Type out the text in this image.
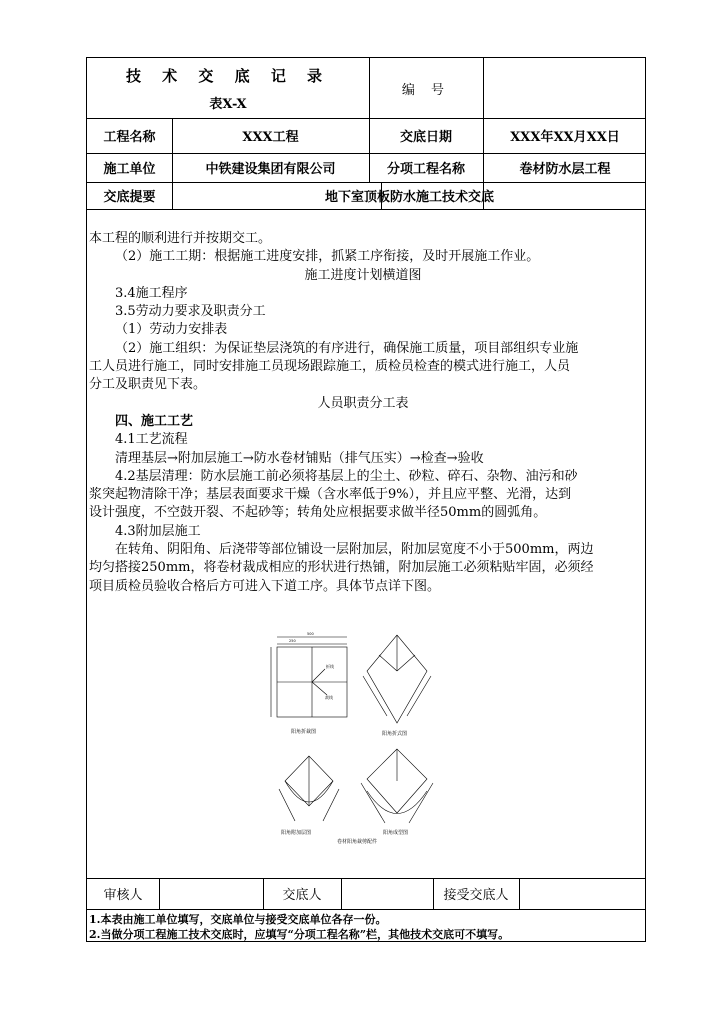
技 术 交 底 记 录
表X-X
编 号
工程名称	XXX工程	交底日期	XXX年XX月XX日
施工单位	中铁建设集团有限公司	分项工程名称	卷材防水层工程
交底提要	地下室顶板防水施工技术交底

本工程的顺利进行并按期交工。

（2）施工工期：根据施工进度安排，抓紧工序衔接，及时开展施工作业。

施工进度计划横道图

3.4施工程序

3.5劳动力要求及职责分工

（1）劳动力安排表

（2）施工组织：为保证垫层浇筑的有序进行，确保施工质量，项目部组织专业施

工人员进行施工，同时安排施工员现场跟踪施工，质检员检查的模式进行施工，人员

分工及职责见下表。

人员职责分工表

四、施工工艺

4.1工艺流程

清理基层→附加层施工→防水卷材铺贴（排气压实）→检查→验收

4.2基层清理：防水层施工前必须将基层上的尘土、砂粒、碎石、杂物、油污和砂

浆突起物清除干净；基层表面要求干燥（含水率低于9%），并且应平整、光滑，达到

设计强度，不空鼓开裂、不起砂等；转角处应根据要求做半径50mm的圆弧角。

4.3附加层施工

在转角、阴阳角、后浇带等部位铺设一层附加层，附加层宽度不小于500mm，两边

均匀搭接250mm，将卷材裁成相应的形状进行热铺，附加层施工必须粘贴牢固，必须经

项目质检员验收合格后方可进入下道工序。具体节点详下图。

500
250
折线
裁线
阳角折裁图	阳角折式图
阳角附加层图	阳角成型图
卷材阳角裁剪配件
审核人	交底人	接受交底人
1.本表由施工单位填写，交底单位与接受交底单位各存一份。
2.当做分项工程施工技术交底时，应填写“分项工程名称”栏，其他技术交底可不填写。
